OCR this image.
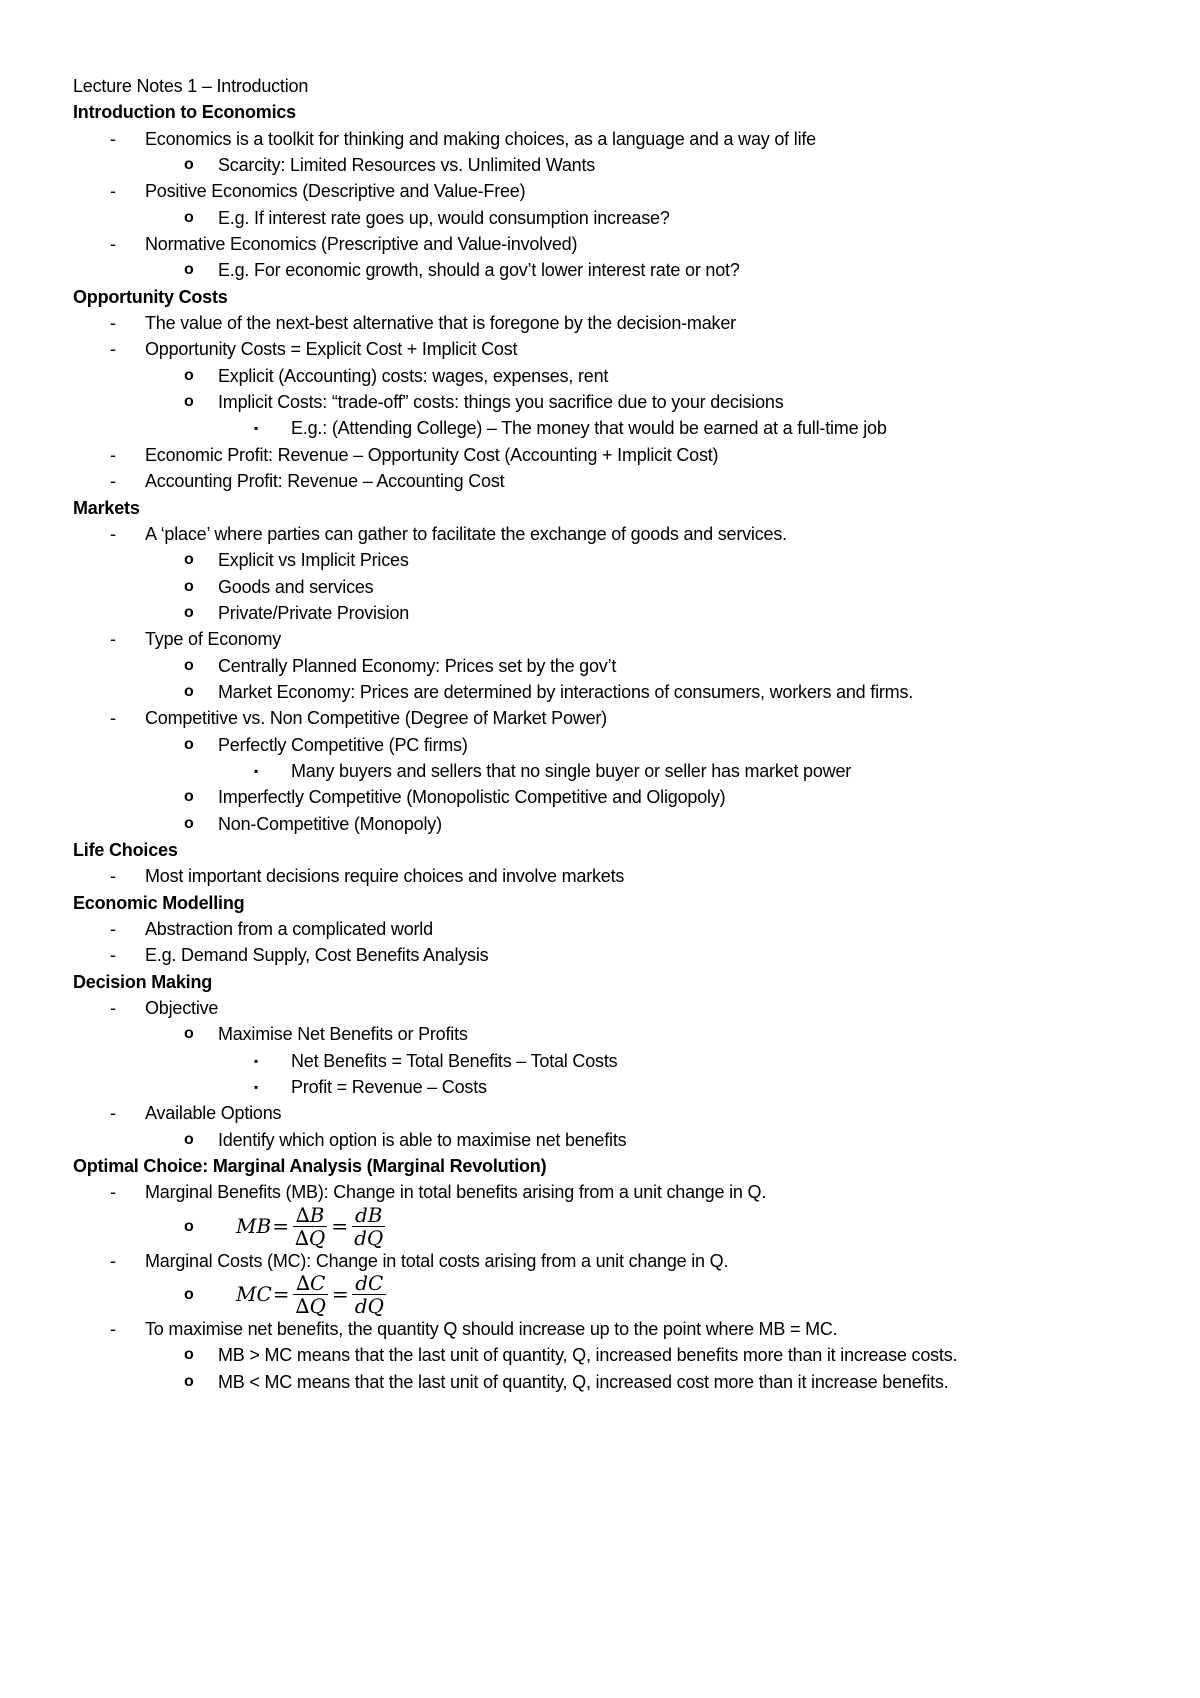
Lecture Notes 1 – Introduction
Introduction to Economics
- Economics is a toolkit for thinking and making choices, as a language and a way of life
o Scarcity: Limited Resources vs. Unlimited Wants
- Positive Economics (Descriptive and Value-Free)
o E.g. If interest rate goes up, would consumption increase?
- Normative Economics (Prescriptive and Value-involved)
o E.g. For economic growth, should a gov’t lower interest rate or not?
Opportunity Costs
- The value of the next-best alternative that is foregone by the decision-maker
- Opportunity Costs = Explicit Cost + Implicit Cost
o Explicit (Accounting) costs: wages, expenses, rent
o Implicit Costs: “trade-off” costs: things you sacrifice due to your decisions
▪ E.g.: (Attending College) – The money that would be earned at a full-time job
- Economic Profit: Revenue – Opportunity Cost (Accounting + Implicit Cost)
- Accounting Profit: Revenue – Accounting Cost
Markets
- A ‘place’ where parties can gather to facilitate the exchange of goods and services.
o Explicit vs Implicit Prices
o Goods and services
o Private/Private Provision
- Type of Economy
o Centrally Planned Economy: Prices set by the gov’t
o Market Economy: Prices are determined by interactions of consumers, workers and firms.
- Competitive vs. Non Competitive (Degree of Market Power)
o Perfectly Competitive (PC firms)
▪ Many buyers and sellers that no single buyer or seller has market power
o Imperfectly Competitive (Monopolistic Competitive and Oligopoly)
o Non-Competitive (Monopoly)
Life Choices
- Most important decisions require choices and involve markets
Economic Modelling
- Abstraction from a complicated world
- E.g. Demand Supply, Cost Benefits Analysis
Decision Making
- Objective
o Maximise Net Benefits or Profits
▪ Net Benefits = Total Benefits – Total Costs
▪ Profit = Revenue – Costs
- Available Options
o Identify which option is able to maximise net benefits
Optimal Choice: Marginal Analysis (Marginal Revolution)
- Marginal Benefits (MB): Change in total benefits arising from a unit change in Q.
o MB = $\frac{\Delta B}{\Delta Q} = \frac{dB}{dQ}$
- Marginal Costs (MC): Change in total costs arising from a unit change in Q.
o MC = $\frac{\Delta C}{\Delta Q} = \frac{dC}{dQ}$
- To maximise net benefits, the quantity Q should increase up to the point where MB = MC.
o MB > MC means that the last unit of quantity, Q, increased benefits more than it increase costs.
o MB < MC means that the last unit of quantity, Q, increased cost more than it increase benefits.
